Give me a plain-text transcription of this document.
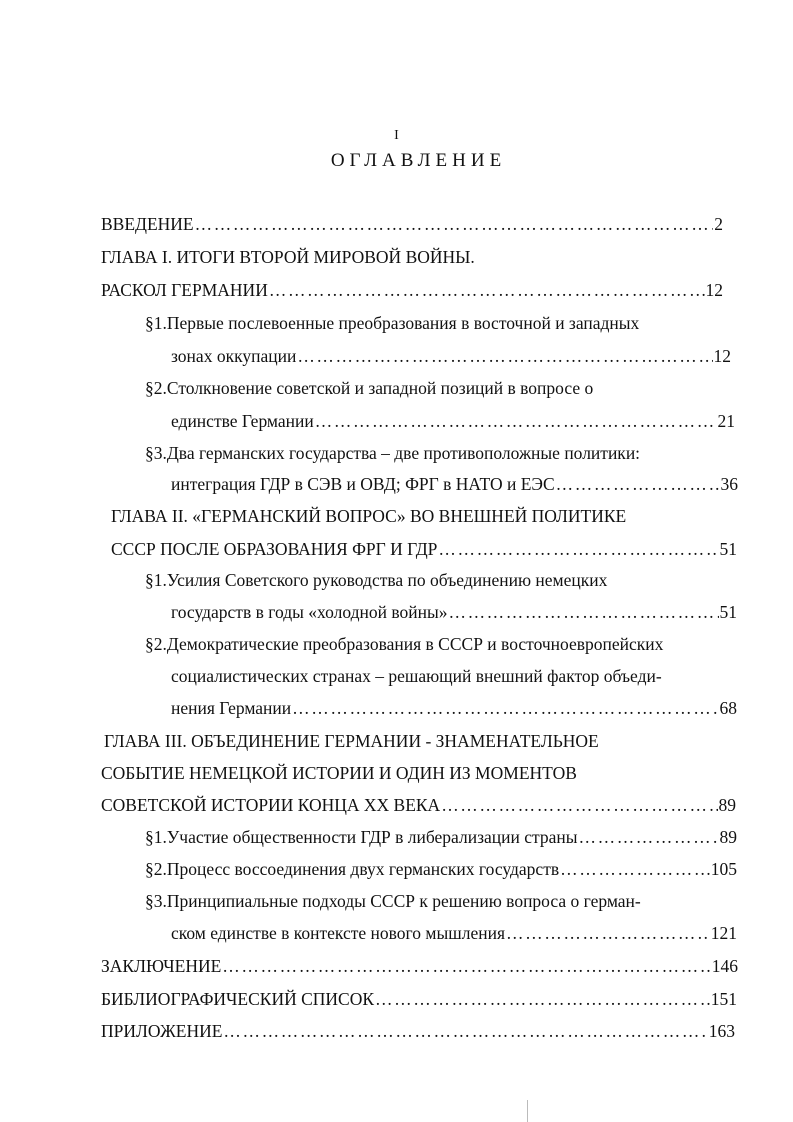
I
ОГЛАВЛЕНИЕ
ВВЕДЕНИЕ ……………………………………………………………………………………………………………………………………	2
ГЛАВА I. ИТОГИ ВТОРОЙ МИРОВОЙ ВОЙНЫ.
РАСКОЛ ГЕРМАНИИ ……………………………………………………………………………………………………………………………………	12
§1.Первые послевоенные преобразования в восточной и западных
зонах оккупации ……………………………………………………………………………………………………………………………………	12
§2.Столкновение советской и западной позиций в вопросе о
единстве Германии ……………………………………………………………………………………………………………………………………	21
§3.Два германских государства – две противоположные политики:
интеграция ГДР в СЭВ и ОВД; ФРГ в НАТО и ЕЭС ……………………………………………………………………………………………………………………………………	36
ГЛАВА II. «ГЕРМАНСКИЙ ВОПРОС» ВО ВНЕШНЕЙ ПОЛИТИКЕ
СССР ПОСЛЕ ОБРАЗОВАНИЯ ФРГ И ГДР ……………………………………………………………………………………………………………………………………	51
§1.Усилия Советского руководства по объединению немецких
государств в годы «холодной войны» ……………………………………………………………………………………………………………………………………	51
§2.Демократические преобразования в СССР и восточноевропейских
социалистических странах – решающий внешний фактор объеди-
нения Германии ……………………………………………………………………………………………………………………………………	68
ГЛАВА III. ОБЪЕДИНЕНИЕ ГЕРМАНИИ - ЗНАМЕНАТЕЛЬНОЕ
СОБЫТИЕ НЕМЕЦКОЙ ИСТОРИИ И ОДИН ИЗ МОМЕНТОВ
СОВЕТСКОЙ ИСТОРИИ КОНЦА XX ВЕКА ……………………………………………………………………………………………………………………………………	89
§1.Участие общественности ГДР в либерализации страны ……………………………………………………………………………………………………………………………………	89
§2.Процесс воссоединения двух германских государств ……………………………………………………………………………………………………………………………………	105
§3.Принципиальные подходы СССР к решению вопроса о герман-
ском единстве в контексте нового мышления ……………………………………………………………………………………………………………………………………	121
ЗАКЛЮЧЕНИЕ ……………………………………………………………………………………………………………………………………	146
БИБЛИОГРАФИЧЕСКИЙ СПИСОК ……………………………………………………………………………………………………………………………………	151
ПРИЛОЖЕНИЕ ……………………………………………………………………………………………………………………………………	163
